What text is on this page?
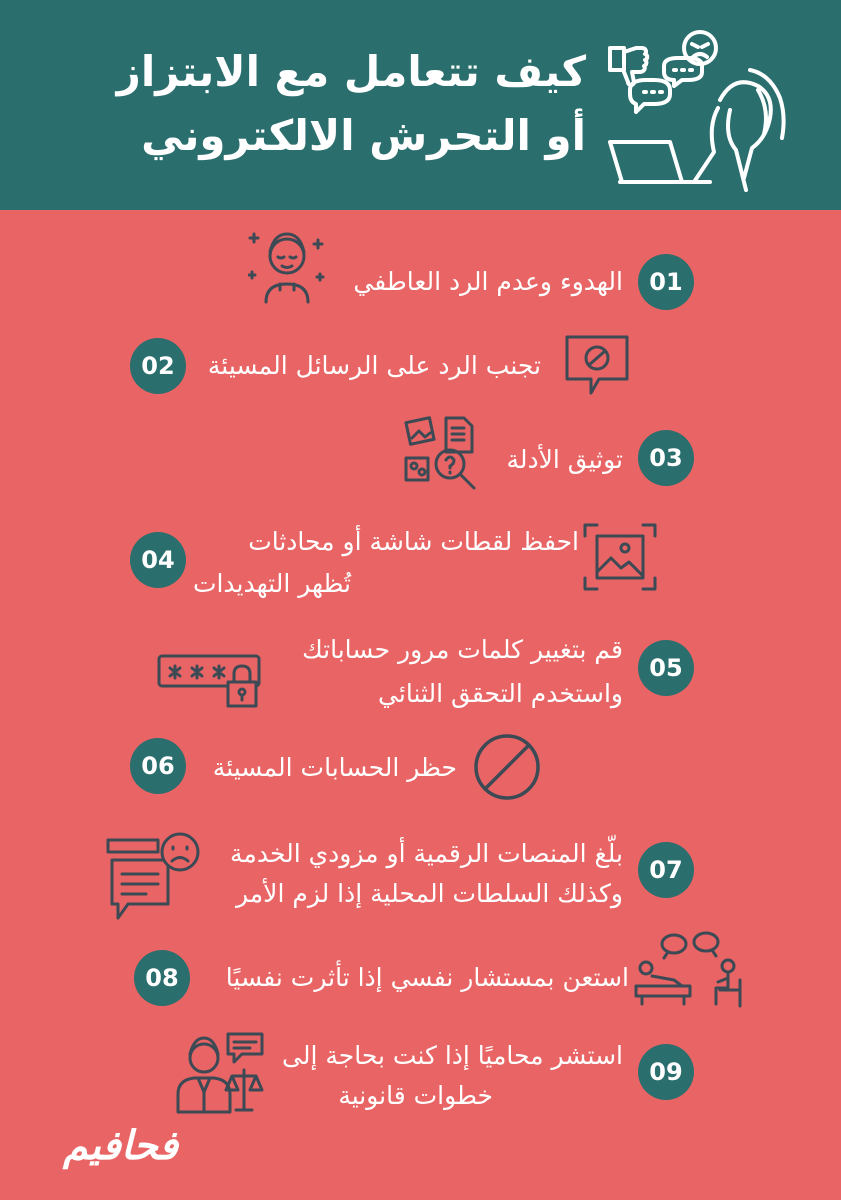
كيف تتعامل مع الابتزاز
أو التحرش الالكتروني
01
الهدوء وعدم الرد العاطفي
02	تجنب الرد على الرسائل المسيئة
03
توثيق الأدلة
04
احفظ لقطات شاشة أو محادثات
تُظهر التهديدات
05
قم بتغيير كلمات مرور حساباتك
واستخدم التحقق الثنائي
06	حظر الحسابات المسيئة
07
بلّغ المنصات الرقمية أو مزودي الخدمة
وكذلك السلطات المحلية إذا لزم الأمر
08	استعن بمستشار نفسي إذا تأثرت نفسيًا
09
استشر محاميًا إذا كنت بحاجة إلى
خطوات قانونية
فحافيم
